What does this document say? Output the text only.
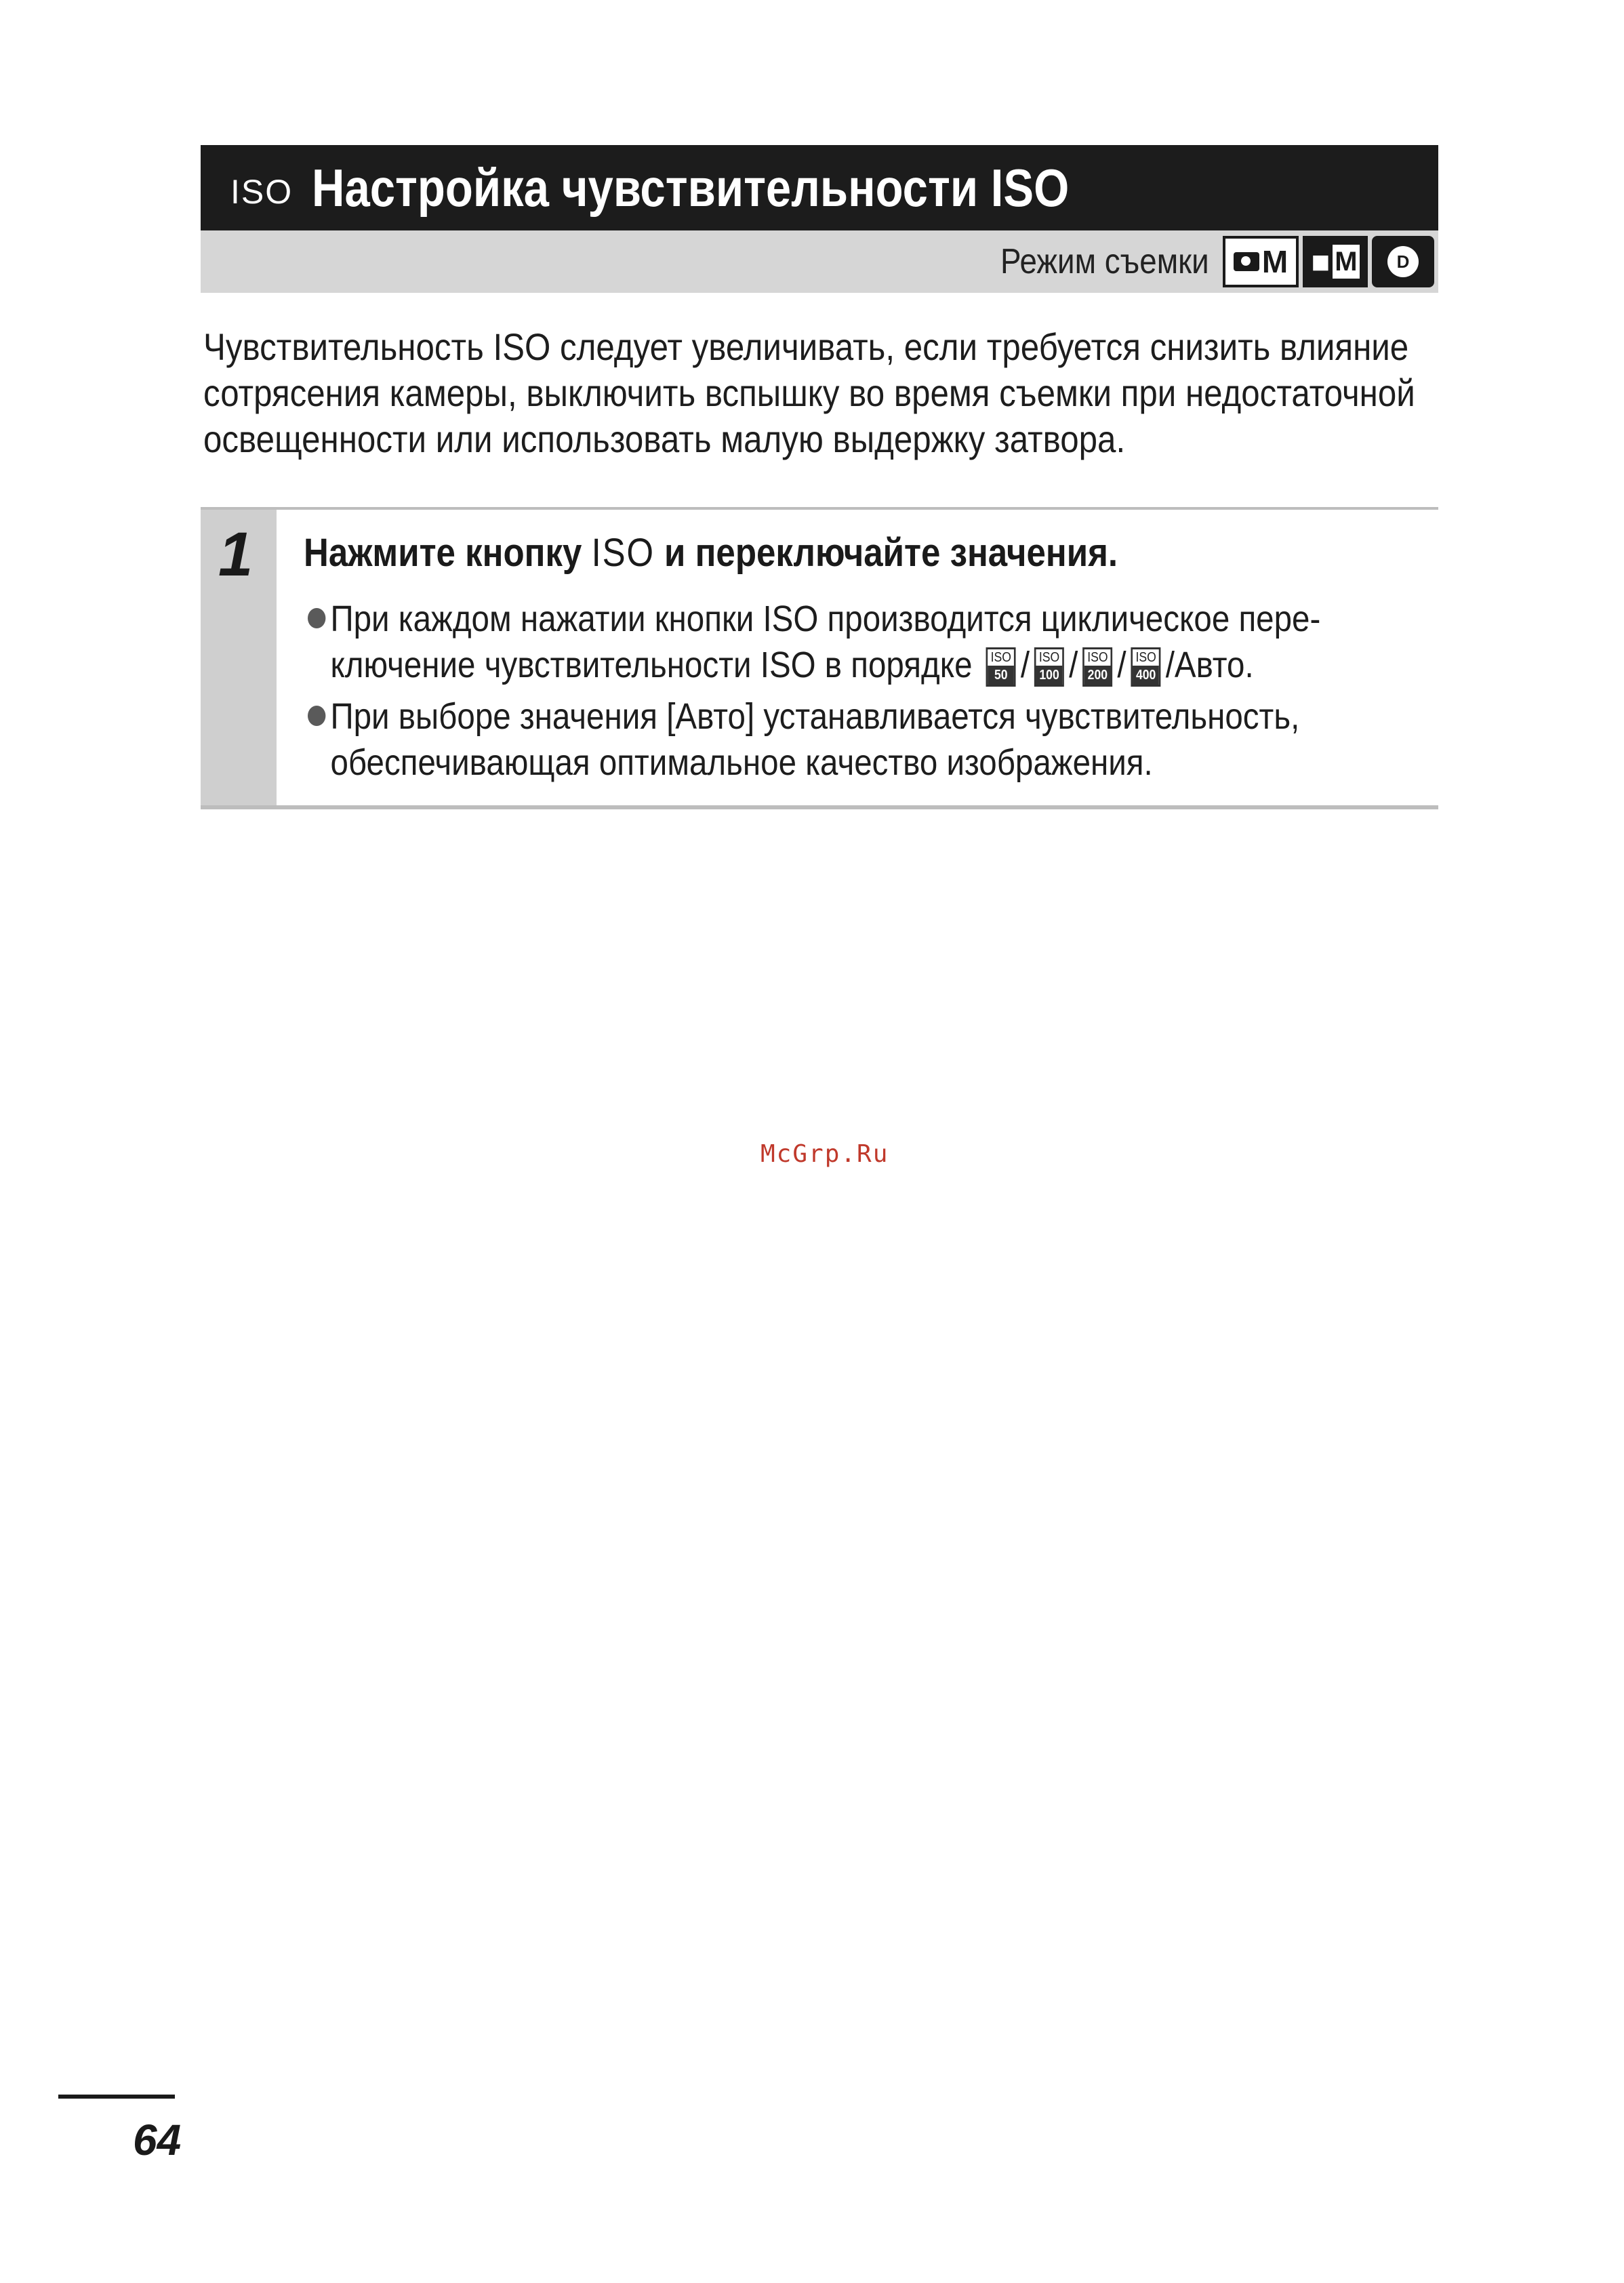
ISO Настройка чувствительности ISO
Режим съемки M ■ M	D
Чувствительность ISO следует увеличивать, если требуется снизить влияние
сотрясения камеры, выключить вспышку во время съемки при недостаточной
освещенности или использовать малую выдержку затвора.
1 Нажмите кнопку ISO и переключайте значения.
При каждом нажатии кнопки ISO производится циклическое пере-
ключение чувствительности ISO в порядке ISO
50 / ISO
100 / ISO
200 / ISO
400 /Авто.
При выборе значения [Авто] устанавливается чувствительность,
обеспечивающая оптимальное качество изображения.
McGrp.Ru
64
